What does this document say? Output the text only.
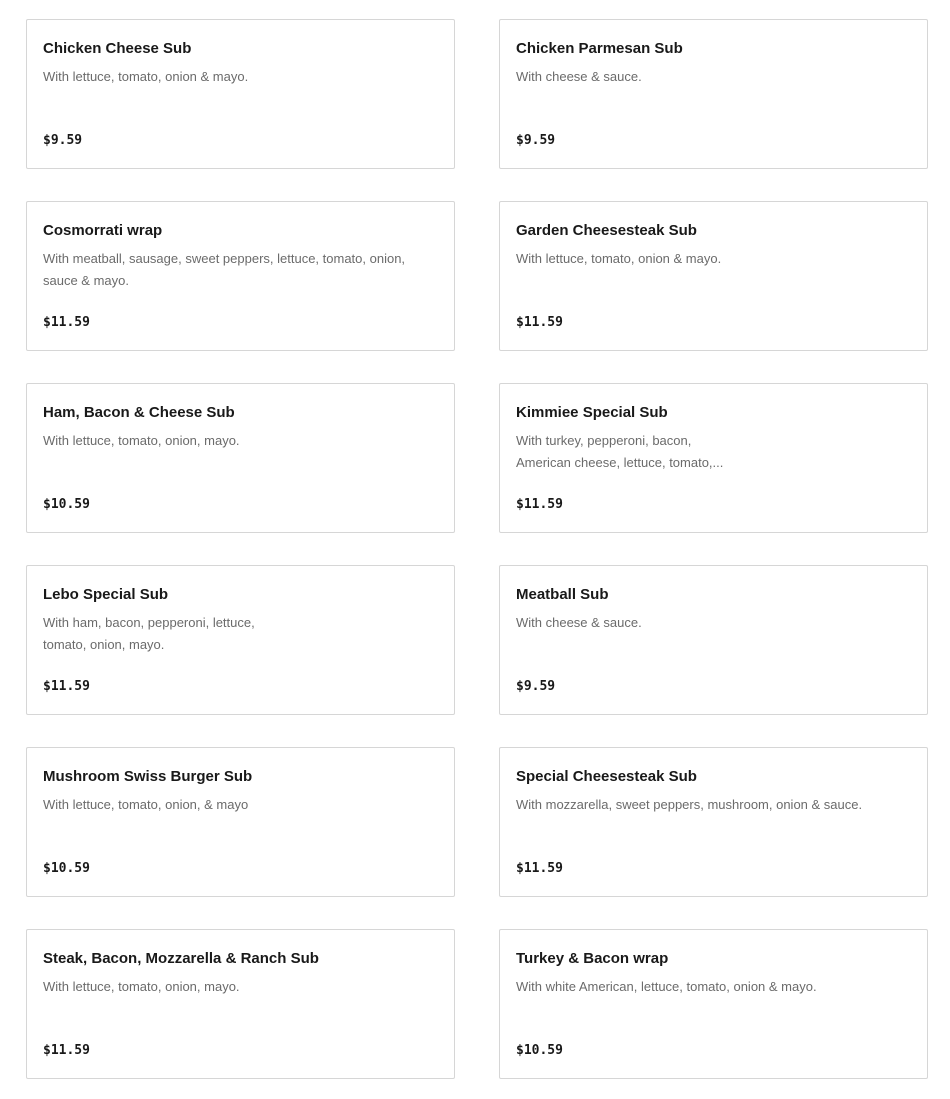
Chicken Cheese Sub
With lettuce, tomato, onion & mayo.
$9.59
Chicken Parmesan Sub
With cheese & sauce.
$9.59
Cosmorrati wrap
With meatball, sausage, sweet peppers, lettuce, tomato, onion, sauce & mayo.
$11.59
Garden Cheesesteak Sub
With lettuce, tomato, onion & mayo.
$11.59
Ham, Bacon & Cheese Sub
With lettuce, tomato, onion, mayo.
$10.59
Kimmiee Special Sub
With turkey, pepperoni, bacon, American cheese, lettuce, tomato,...
$11.59
Lebo Special Sub
With ham, bacon, pepperoni, lettuce, tomato, onion, mayo.
$11.59
Meatball Sub
With cheese & sauce.
$9.59
Mushroom Swiss Burger Sub
With lettuce, tomato, onion, & mayo
$10.59
Special Cheesesteak Sub
With mozzarella, sweet peppers, mushroom, onion & sauce.
$11.59
Steak, Bacon, Mozzarella & Ranch Sub
With lettuce, tomato, onion, mayo.
$11.59
Turkey & Bacon wrap
With white American, lettuce, tomato, onion & mayo.
$10.59
